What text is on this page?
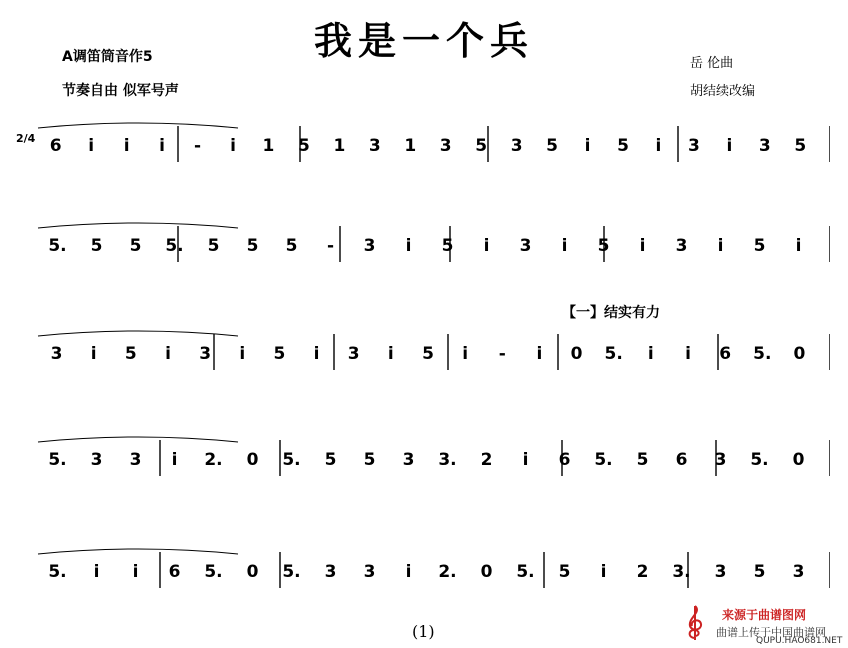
我是一个兵
A调笛筒音作5
节奏自由 似军号声
岳 伦曲
胡结续改编
2/4
【一】结实有力
6 i i i - i 1 5 1 3 1 3 5 3 5 i 5 i 3 i 3 5
5. 5 5 5. 5 5 5 - 3 i 5 i 3 i 5 i 3 i 5 i
3 i 5 i 3 i 5 i 3 i 5 i - i 0 5. i i 6 5. 0
5. 3 3 i 2. 0 5. 5 5 3 3. 2 i 6 5. 5 6 3 5. 0
5. i i 6 5. 0 5. 3 3 i 2. 0 5. 5 i 2 3. 3 5 3
(1)
来源于曲谱图网
曲谱上传于中国曲谱网
QUPU.HAO681.NET
